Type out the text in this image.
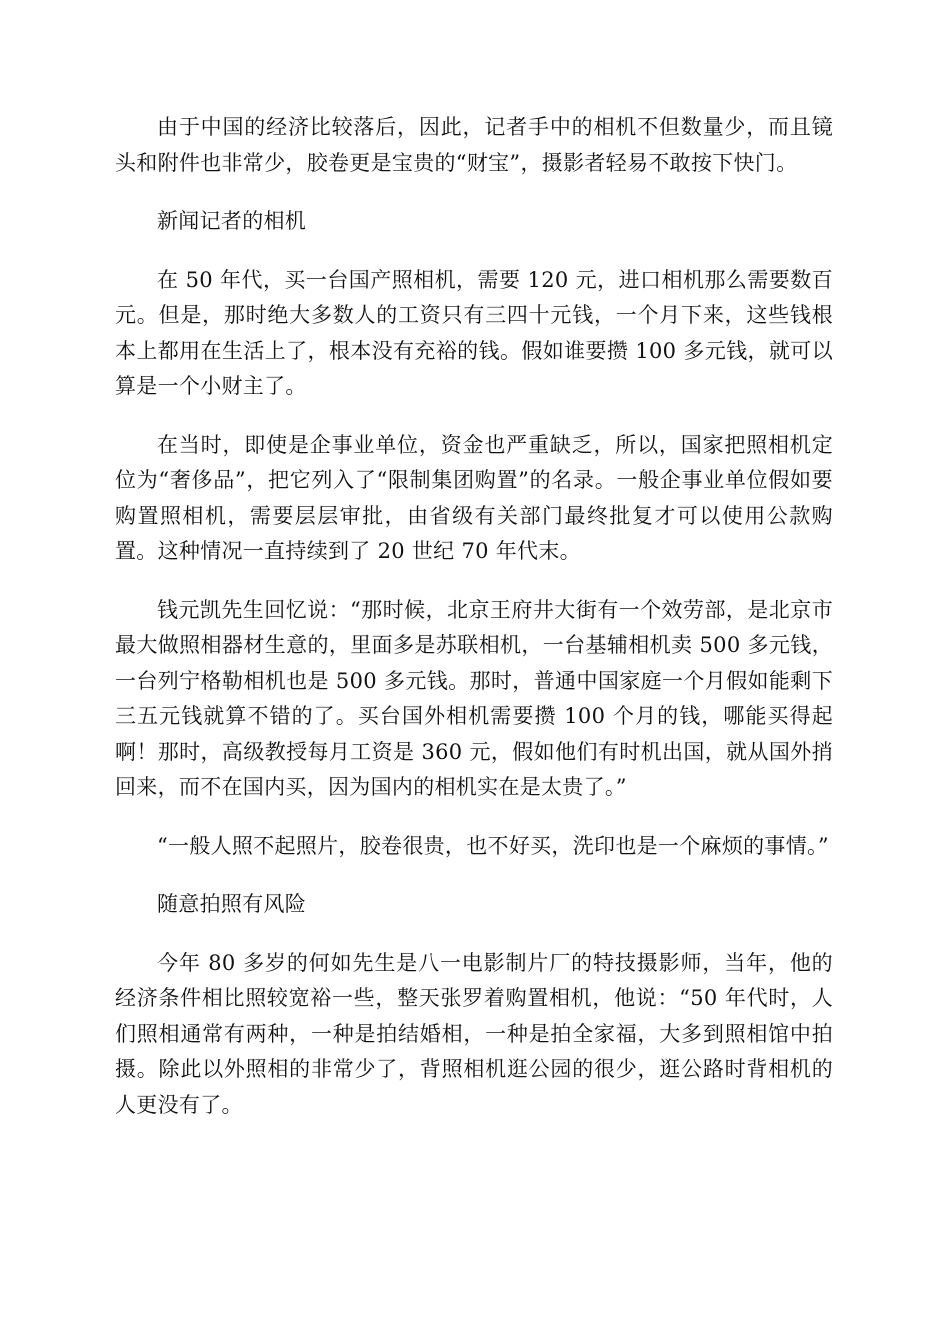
由于中国的经济比较落后，因此，记者手中的相机不但数量少，而且镜头和附件也非常少，胶卷更是宝贵的“财宝”，摄影者轻易不敢按下快门。

新闻记者的相机

在 50 年代，买一台国产照相机，需要 120 元，进口相机那么需要数百元。但是，那时绝大多数人的工资只有三四十元钱，一个月下来，这些钱根本上都用在生活上了，根本没有充裕的钱。假如谁要攒 100 多元钱，就可以算是一个小财主了。

在当时，即使是企事业单位，资金也严重缺乏，所以，国家把照相机定位为“奢侈品”，把它列入了“限制集团购置”的名录。一般企事业单位假如要购置照相机，需要层层审批，由省级有关部门最终批复才可以使用公款购置。这种情况一直持续到了 20 世纪 70 年代末。

钱元凯先生回忆说：“那时候，北京王府井大街有一个效劳部，是北京市最大做照相器材生意的，里面多是苏联相机，一台基辅相机卖 500 多元钱，一台列宁格勒相机也是 500 多元钱。那时，普通中国家庭一个月假如能剩下三五元钱就算不错的了。买台国外相机需要攒 100 个月的钱，哪能买得起啊！那时，高级教授每月工资是 360 元，假如他们有时机出国，就从国外捎回来，而不在国内买，因为国内的相机实在是太贵了。”

“一般人照不起照片，胶卷很贵，也不好买，洗印也是一个麻烦的事情。”

随意拍照有风险

今年 80 多岁的何如先生是八一电影制片厂的特技摄影师，当年，他的经济条件相比照较宽裕一些，整天张罗着购置相机，他说：“50 年代时，人们照相通常有两种，一种是拍结婚相，一种是拍全家福，大多到照相馆中拍摄。除此以外照相的非常少了，背照相机逛公园的很少，逛公路时背相机的人更没有了。
